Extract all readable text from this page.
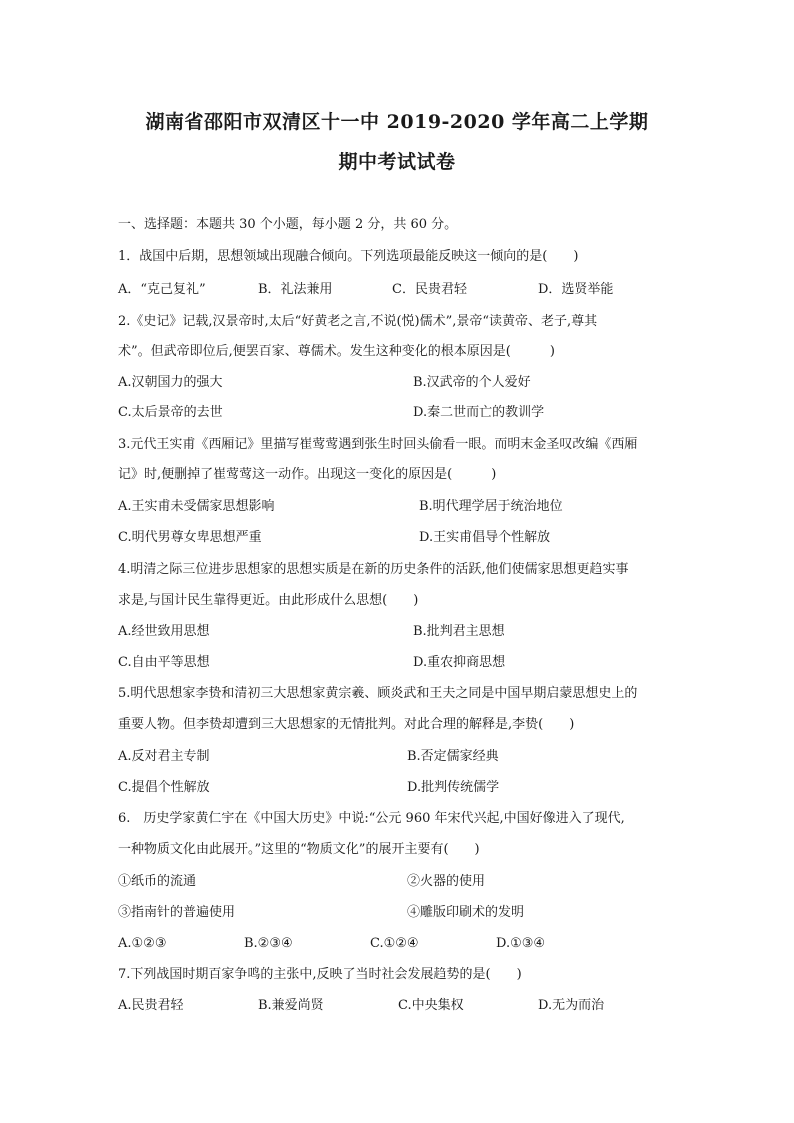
湖南省邵阳市双清区十一中 2019-2020 学年高二上学期
期中考试试卷
一、选择题：本题共 30 个小题，每小题 2 分，共 60 分。
1．战国中后期，思想领域出现融合倾向。下列选项最能反映这一倾向的是(　　)
A．“克己复礼”	B．礼法兼用	C．民贵君轻	D．选贤举能
2.《史记》记载,汉景帝时,太后“好黄老之言,不说(悦)儒术”,景帝“读黄帝、老子,尊其
术”。但武帝即位后,便罢百家、尊儒术。发生这种变化的根本原因是(　　　)
A.汉朝国力的强大	B.汉武帝的个人爱好
C.太后景帝的去世	D.秦二世而亡的教训学
3.元代王实甫《西厢记》里描写崔莺莺遇到张生时回头偷看一眼。而明末金圣叹改编《西厢
记》时,便删掉了崔莺莺这一动作。出现这一变化的原因是(　　　)
A.王实甫未受儒家思想影响	B.明代理学居于统治地位
C.明代男尊女卑思想严重	D.王实甫倡导个性解放
4.明清之际三位进步思想家的思想实质是在新的历史条件的活跃,他们使儒家思想更趋实事
求是,与国计民生靠得更近。由此形成什么思想(　　)
A.经世致用思想	B.批判君主思想
C.自由平等思想	D.重农抑商思想
5.明代思想家李贽和清初三大思想家黄宗羲、顾炎武和王夫之同是中国早期启蒙思想史上的
重要人物。但李贽却遭到三大思想家的无情批判。对此合理的解释是,李贽(　　)
A.反对君主专制	B.否定儒家经典
C.提倡个性解放	D.批判传统儒学
6.　历史学家黄仁宇在《中国大历史》中说:“公元 960 年宋代兴起,中国好像进入了现代,
一种物质文化由此展开。”这里的“物质文化”的展开主要有(　　)
①纸币的流通	②火器的使用
③指南针的普遍使用	④雕版印刷术的发明
A.①②③	B.②③④	C.①②④	D.①③④
7.下列战国时期百家争鸣的主张中,反映了当时社会发展趋势的是(　　)
A.民贵君轻	B.兼爱尚贤	C.中央集权	D.无为而治
